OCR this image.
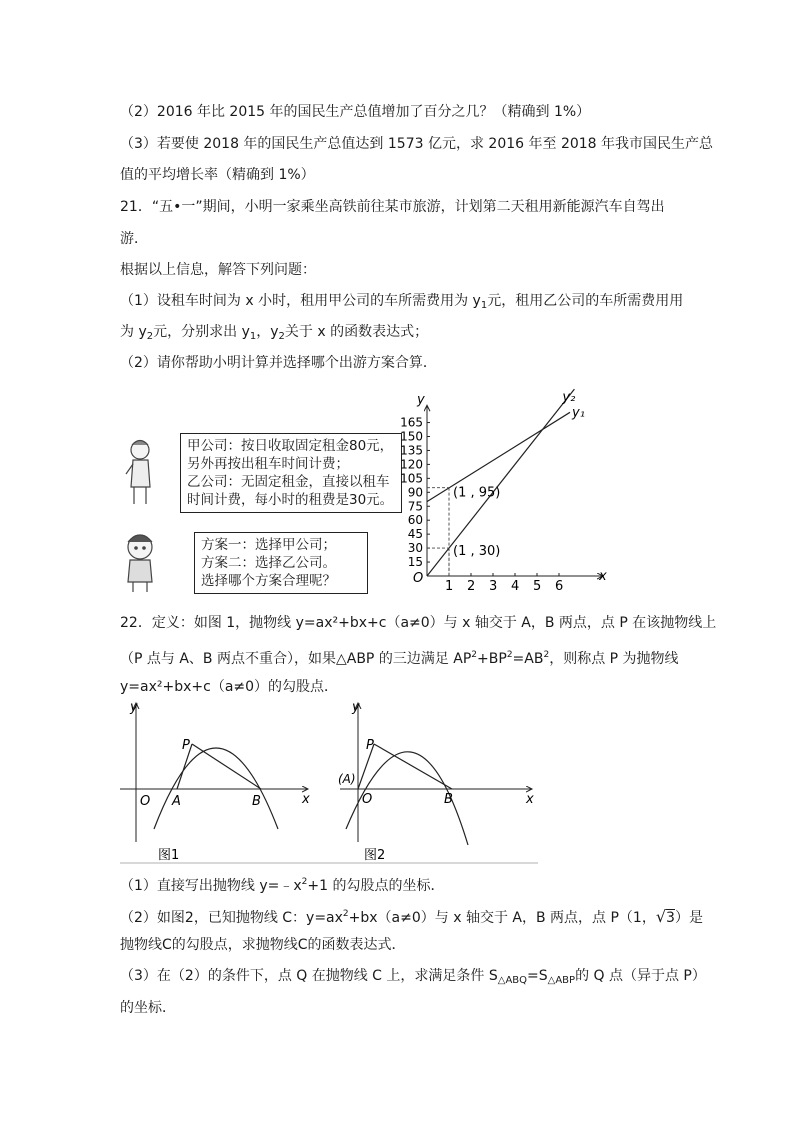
（2）2016 年比 2015 年的国民生产总值增加了百分之几？（精确到 1%）
（3）若要使 2018 年的国民生产总值达到 1573 亿元，求 2016 年至 2018 年我市国民生产总
值的平均增长率（精确到 1%）
21．“五•一”期间，小明一家乘坐高铁前往某市旅游，计划第二天租用新能源汽车自驾出
游．
根据以上信息，解答下列问题：
（1）设租车时间为 x 小时，租用甲公司的车所需费用为 $y_1$元，租用乙公司的车所需费用用
为 $y_2$元，分别求出 $y_1$，$y_2$关于 x 的函数表达式；
（2）请你帮助小明计算并选择哪个出游方案合算．
甲公司：按日收取固定租金80元，
另外再按出租车时间计费；
乙公司：无固定租金，直接以租车
时间计费，每小时的租费是30元。
方案一：选择甲公司；
方案二：选择乙公司。
选择哪个方案合理呢？	x
y
O
1 2 3 4 5 6
15
30
45
60
75
90
105
120
135
150
165
y₁
y₂
(1 , 95)
(1 , 30)
22．定义：如图 1，抛物线 y=ax²+bx+c（a≠0）与 x 轴交于 A，B 两点，点 P 在该抛物线上
（P 点与 A、B 两点不重合），如果△ABP 的三边满足 $AP^2+BP^2=AB^2$，则称点 P 为抛物线
y=ax²+bx+c（a≠0）的勾股点．
y
x
O A	B
P
图1
y
x
O
(A)
B
P
图2
（1）直接写出抛物线 $y=﹣x^2+1$ 的勾股点的坐标．
（2）如图2，已知抛物线 C：$y=ax^2+bx(a\ne 0)$与 x 轴交于 A，B 两点，点 P（1，√3）是
抛物线C的勾股点，求抛物线C的函数表达式．
（3）在（2）的条件下，点 Q 在抛物线 C 上，求满足条件 $S_{\triangle ABQ}=S_{\triangle ABP}$的 Q 点（异于点 P）
的坐标．
